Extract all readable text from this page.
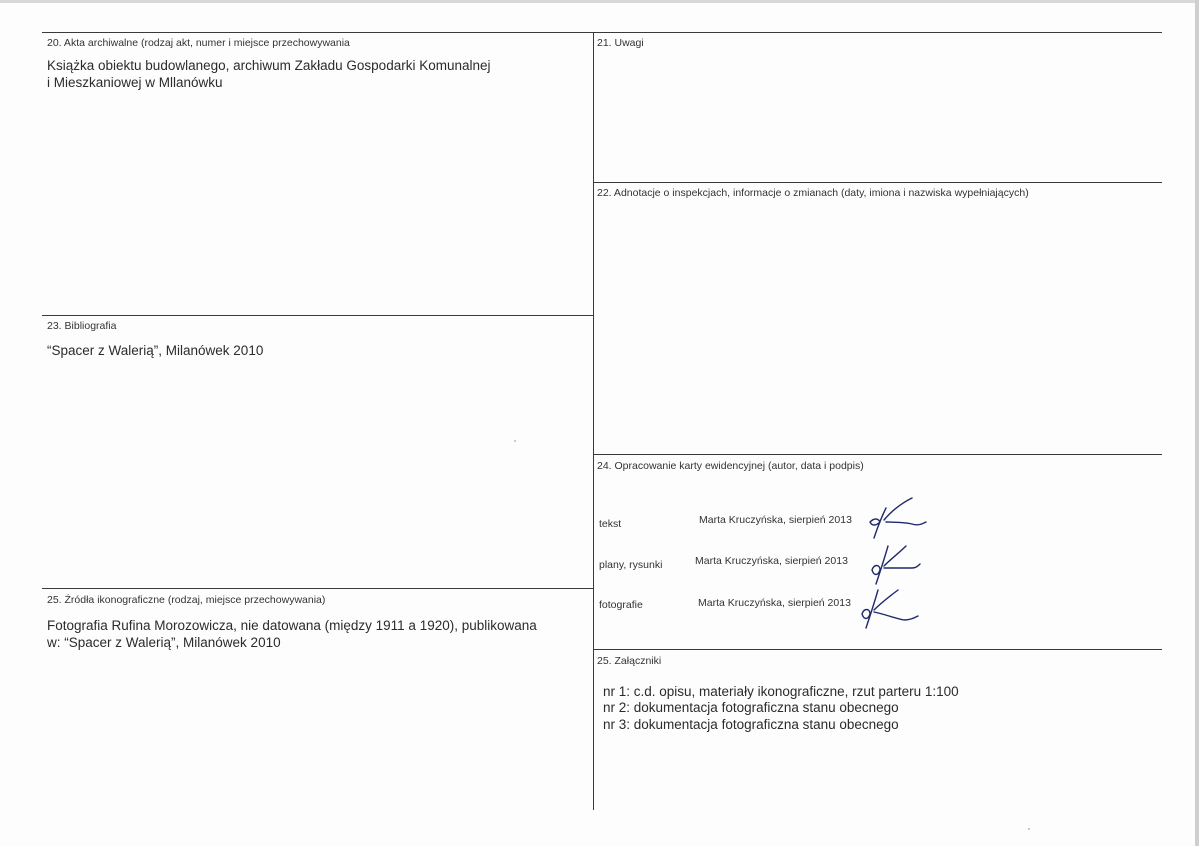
20. Akta archiwalne (rodzaj akt, numer i miejsce przechowywania
Książka obiektu budowlanego, archiwum Zakładu Gospodarki Komunalnej
i Mieszkaniowej w Mllanówku
21. Uwagi
22. Adnotacje o inspekcjach, informacje o zmianach (daty, imiona i nazwiska wypełniających)
23. Bibliografia
“Spacer z Walerią”, Milanówek 2010
24. Opracowanie karty ewidencyjnej (autor, data i podpis)
tekst	Marta Kruczyńska, sierpień 2013
plany, rysunki	Marta Kruczyńska, sierpień 2013
fotografie	Marta Kruczyńska, sierpień 2013
25. Źródła ikonograficzne (rodzaj, miejsce przechowywania)
Fotografia Rufina Morozowicza, nie datowana (między 1911 a 1920), publikowana
w: “Spacer z Walerią”, Milanówek 2010
25. Załączniki
nr 1: c.d. opisu, materiały ikonograficzne, rzut parteru 1:100
nr 2: dokumentacja fotograficzna stanu obecnego
nr 3: dokumentacja fotograficzna stanu obecnego
